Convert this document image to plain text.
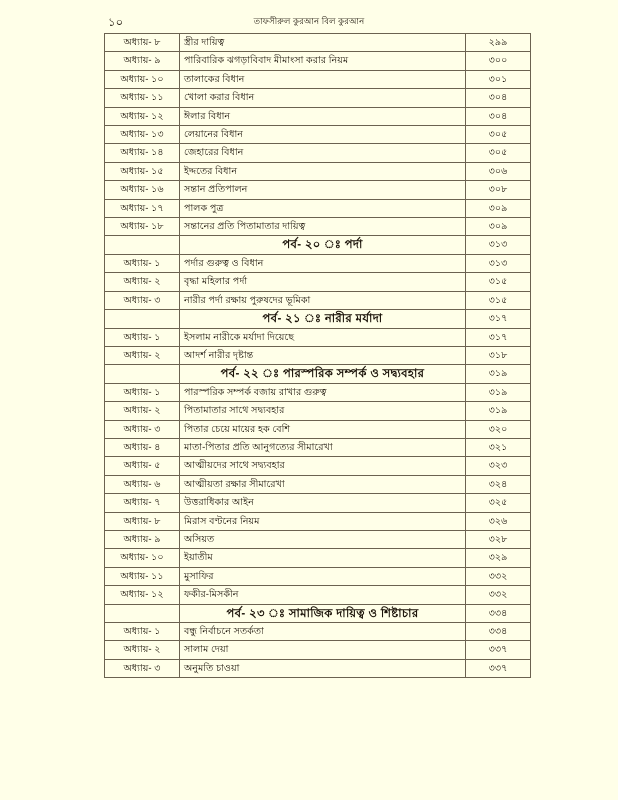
১০	তাফসীরুল কুরআন বিল কুরআন
অধ্যায়- ৮	স্ত্রীর দায়িত্ব	২৯৯
অধ্যায়- ৯	পারিবারিক ঝগড়া‌বিবাদ মীমাংসা করার নিয়ম	৩০০
অধ্যায়- ১০	তালাকের বিধান	৩০১
অধ্যায়- ১১	খোলা করার বিধান	৩০৪
অধ্যায়- ১২	ঈলার বিধান	৩০৪
অধ্যায়- ১৩	লেয়ানের বিধান	৩০৫
অধ্যায়- ১৪	জেহারের বিধান	৩০৫
অধ্যায়- ১৫	ইদ্দতের বিধান	৩০৬
অধ্যায়- ১৬	সন্তান প্রতিপালন	৩০৮
অধ্যায়- ১৭	পালক পুত্র	৩০৯
অধ্যায়- ১৮	সন্তানের প্রতি পিতামাতার দায়িত্ব	৩০৯
	পর্ব- ২০ ঃ পর্দা	৩১৩
অধ্যায়- ১	পর্দার গুরুত্ব ও বিধান	৩১৩
অধ্যায়- ২	বৃদ্ধা মহিলার পর্দা	৩১৫
অধ্যায়- ৩	নারীর পর্দা রক্ষায় পুরুষদের ভূমিকা	৩১৫
	পর্ব- ২১ ঃ নারীর মর্যাদা	৩১৭
অধ্যায়- ১	ইসলাম নারীকে মর্যাদা দিয়েছে	৩১৭
অধ্যায়- ২	আদর্শ নারীর দৃষ্টান্ত	৩১৮
	পর্ব- ২২ ঃ পারস্পরিক সম্পর্ক ও সদ্ব্যবহার	৩১৯
অধ্যায়- ১	পারস্পরিক সম্পর্ক বজায় রাখার গুরুত্ব	৩১৯
অধ্যায়- ২	পিতামাতার সাথে সদ্ব্যবহার	৩১৯
অধ্যায়- ৩	পিতার চেয়ে মায়ের হক বেশি	৩২০
অধ্যায়- ৪	মাতা-পিতার প্রতি আনুগত্যের সীমারেখা	৩২১
অধ্যায়- ৫	আত্মীয়দের সাথে সদ্ব্যবহার	৩২৩
অধ্যায়- ৬	আত্মীয়তা রক্ষার সীমারেখা	৩২৪
অধ্যায়- ৭	উত্তরাধিকার আইন	৩২৫
অধ্যায়- ৮	মিরাস বণ্টনের নিয়ম	৩২৬
অধ্যায়- ৯	অসিয়ত	৩২৮
অধ্যায়- ১০	ইয়াতীম	৩২৯
অধ্যায়- ১১	মুসাফির	৩৩২
অধ্যায়- ১২	ফকীর-মিসকীন	৩৩২
	পর্ব- ২৩ ঃ সামাজিক দায়িত্ব ও শিষ্টাচার	৩৩৪
অধ্যায়- ১	বন্ধু নির্বাচনে সতর্কতা	৩৩৪
অধ্যায়- ২	সালাম দেয়া	৩৩৭
অধ্যায়- ৩	অনুমতি চাওয়া	৩৩৭
